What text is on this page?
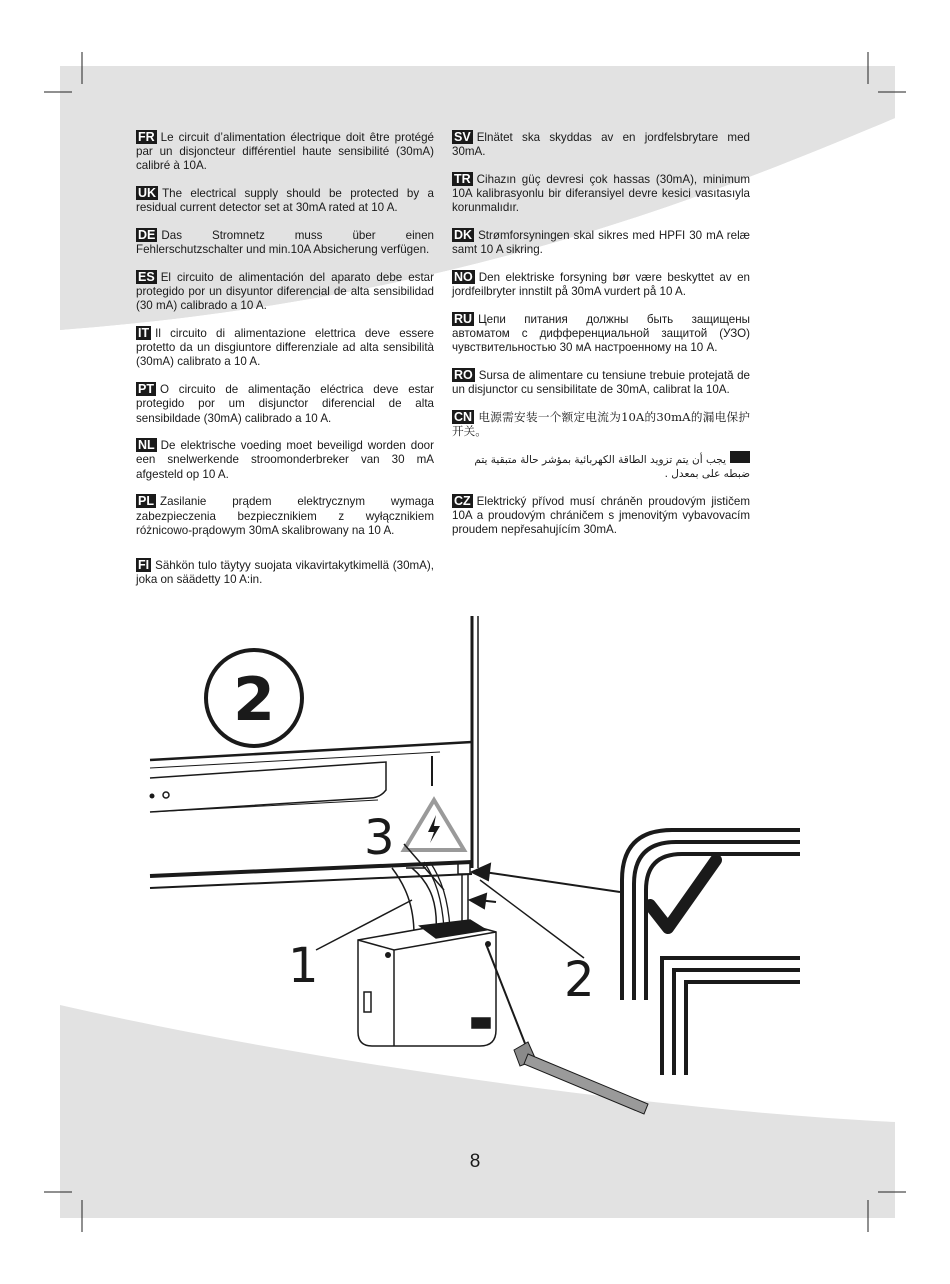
FR Le circuit d’alimentation électrique doit être protégé par un disjoncteur différentiel haute sensibilité (30mA) calibré à 10A.

UK The electrical supply should be protected by a residual current detector set at 30mA rated at 10 A.

DE Das Stromnetz muss über einen Fehlerschutzschalter und min.10A Absicherung verfügen.

ES El circuito de alimentación del aparato debe estar protegido por un disyuntor diferencial de alta sensibilidad (30 mA) calibrado a 10 A.

IT Il circuito di alimentazione elettrica deve essere protetto da un disgiuntore differenziale ad alta sensibilità (30mA) calibrato a 10 A.

PT O circuito de alimentação eléctrica deve estar protegido por um disjunctor diferencial de alta sensibildade (30mA) calibrado a 10 A.

NL De elektrische voeding moet beveiligd worden door een snelwerkende stroomonderbreker van 30 mA afgesteld op 10 A.

PL Zasilanie prądem elektrycznym wymaga zabezpieczenia bezpiecznikiem z wyłącznikiem różnicowo-prądowym 30mA skalibrowany na 10 A.

FI Sähkön tulo täytyy suojata vikavirtakytkimellä (30mA), joka on säädetty 10 A:in.

SV Elnätet ska skyddas av en jordfelsbrytare med 30mA.

TR Cihazın güç devresi çok hassas (30mA), minimum 10A kalibrasyonlu bir diferansiyel devre kesici vasıtasıyla korunmalıdır.

DK Strømforsyningen skal sikres med HPFI 30 mA relæ samt 10 A sikring.

NO Den elektriske forsyning bør være beskyttet av en jordfeilbryter innstilt på 30mA vurdert på 10 A.

RU Цепи питания должны быть защищены автоматом с дифференциальной защитой (УЗО) чувствительностью 30 мА настроенному на 10 А.

RO Sursa de alimentare cu tensiune trebuie protejată de un disjunctor cu sensibilitate de 30mA, calibrat la 10A.

CN 电源需安装一个额定电流为10A的30mA的漏电保护开关。

يجب أن يتم تزويد الطاقة الكهربائية بمؤشر حالة متبقية يتم ضبطه على بمعدل .

CZ Elektrický přívod musí chráněn proudovým jističem 10A a proudovým chráničem s jmenovitým vybavovacím proudem nepřesahujícím 30mA.

2
1	2
3
8
